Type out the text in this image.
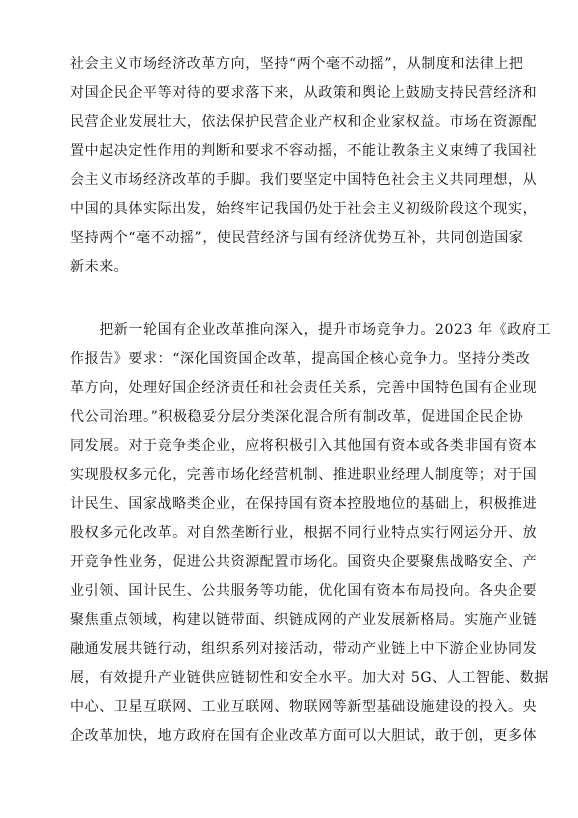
社会主义市场经济改革方向，坚持“两个毫不动摇”，从制度和法律上把
对国企民企平等对待的要求落下来，从政策和舆论上鼓励支持民营经济和
民营企业发展壮大，依法保护民营企业产权和企业家权益。市场在资源配
置中起决定性作用的判断和要求不容动摇，不能让教条主义束缚了我国社
会主义市场经济改革的手脚。我们要坚定中国特色社会主义共同理想，从
中国的具体实际出发，始终牢记我国仍处于社会主义初级阶段这个现实，
坚持两个“毫不动摇”，使民营经济与国有经济优势互补，共同创造国家
新未来。
　　把新一轮国有企业改革推向深入，提升市场竞争力。2023 年《政府工
作报告》要求：“深化国资国企改革，提高国企核心竞争力。坚持分类改
革方向，处理好国企经济责任和社会责任关系，完善中国特色国有企业现
代公司治理。”积极稳妥分层分类深化混合所有制改革，促进国企民企协
同发展。对于竞争类企业，应将积极引入其他国有资本或各类非国有资本
实现股权多元化，完善市场化经营机制、推进职业经理人制度等；对于国
计民生、国家战略类企业，在保持国有资本控股地位的基础上，积极推进
股权多元化改革。对自然垄断行业，根据不同行业特点实行网运分开、放
开竞争性业务，促进公共资源配置市场化。国资央企要聚焦战略安全、产
业引领、国计民生、公共服务等功能，优化国有资本布局投向。各央企要
聚焦重点领域，构建以链带面、织链成网的产业发展新格局。实施产业链
融通发展共链行动，组织系列对接活动，带动产业链上中下游企业协同发
展，有效提升产业链供应链韧性和安全水平。加大对 5G、人工智能、数据
中心、卫星互联网、工业互联网、物联网等新型基础设施建设的投入。央
企改革加快，地方政府在国有企业改革方面可以大胆试，敢于创，更多体
